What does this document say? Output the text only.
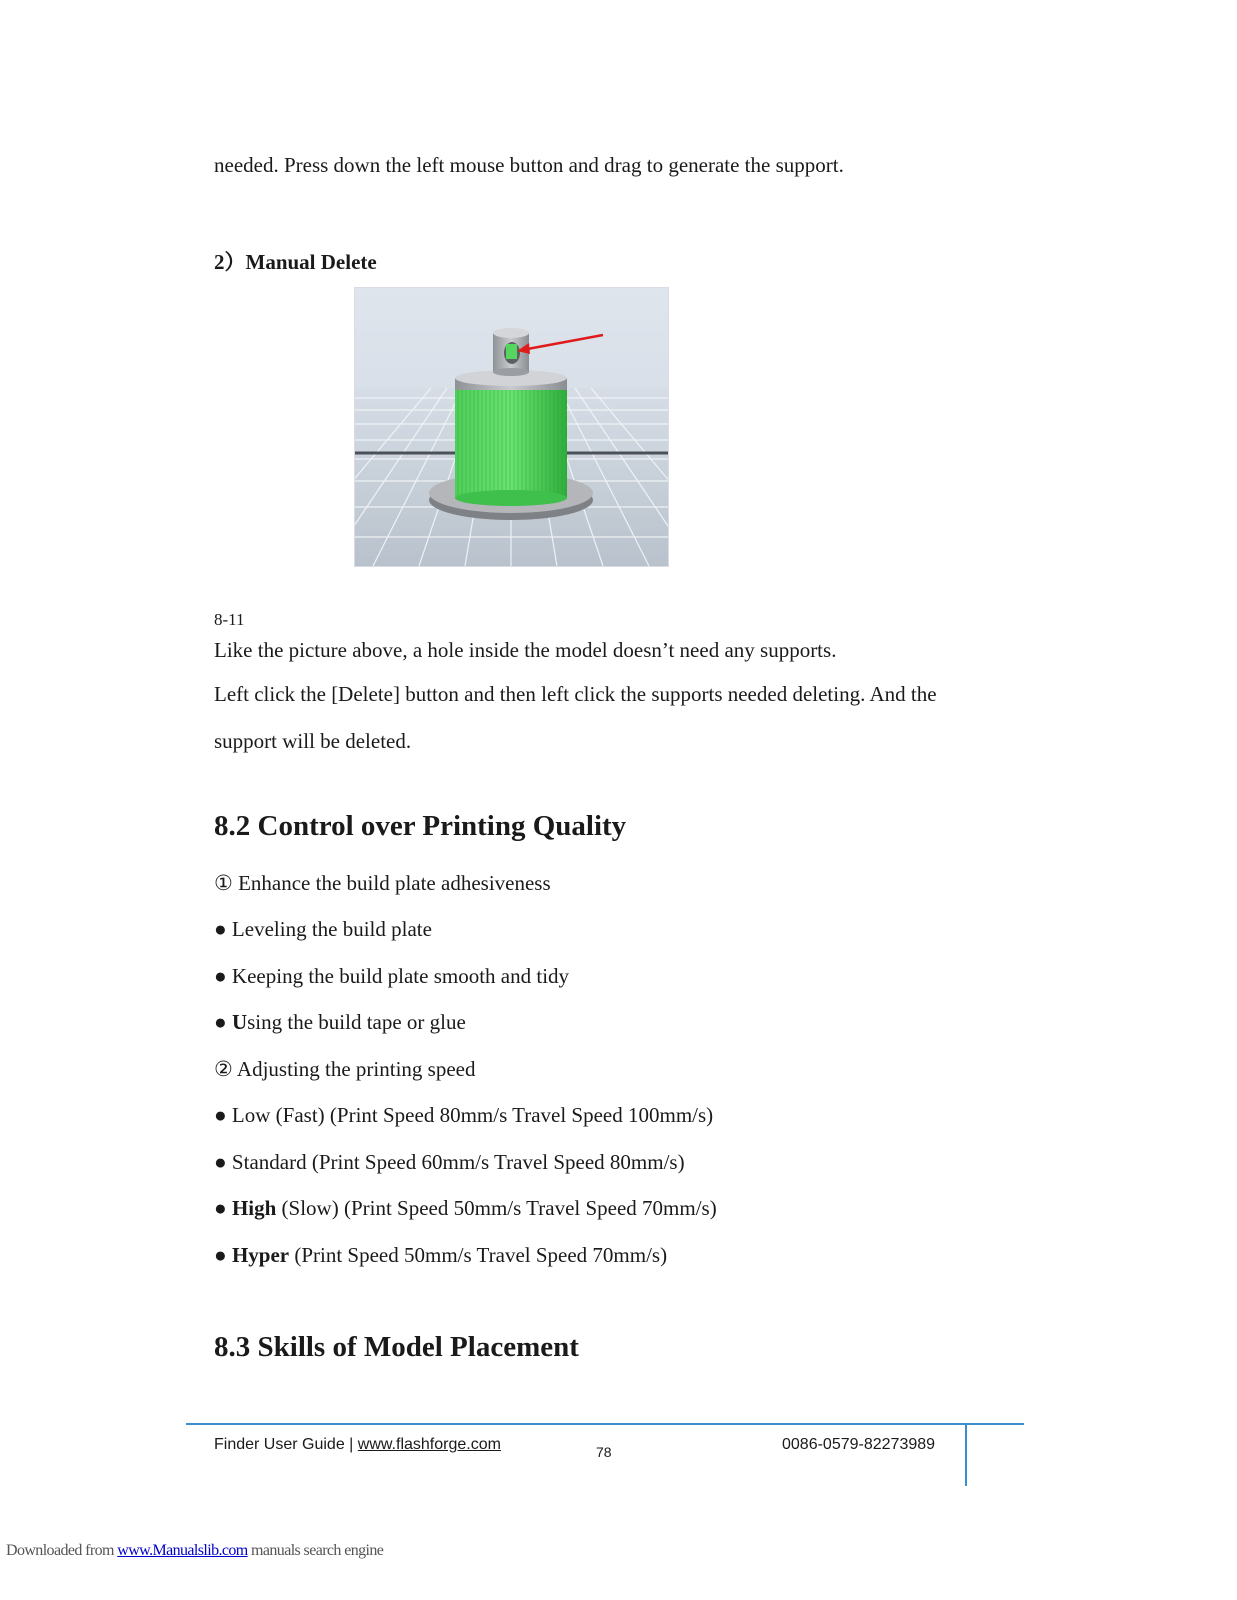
needed. Press down the left mouse button and drag to generate the support.
2）Manual Delete
8-11
Like the picture above, a hole inside the model doesn’t need any supports.
Left click the [Delete] button and then left click the supports needed deleting. And the
support will be deleted.
8.2 Control over Printing Quality
① Enhance the build plate adhesiveness
● Leveling the build plate
● Keeping the build plate smooth and tidy
● Using the build tape or glue
② Adjusting the printing speed
● Low (Fast) (Print Speed 80mm/s Travel Speed 100mm/s)
● Standard (Print Speed 60mm/s Travel Speed 80mm/s)
● High (Slow) (Print Speed 50mm/s Travel Speed 70mm/s)
● Hyper (Print Speed 50mm/s Travel Speed 70mm/s)
8.3 Skills of Model Placement
Finder User Guide | www.flashforge.com	78	0086-0579-82273989
Downloaded from www.Manualslib.com manuals search engine
